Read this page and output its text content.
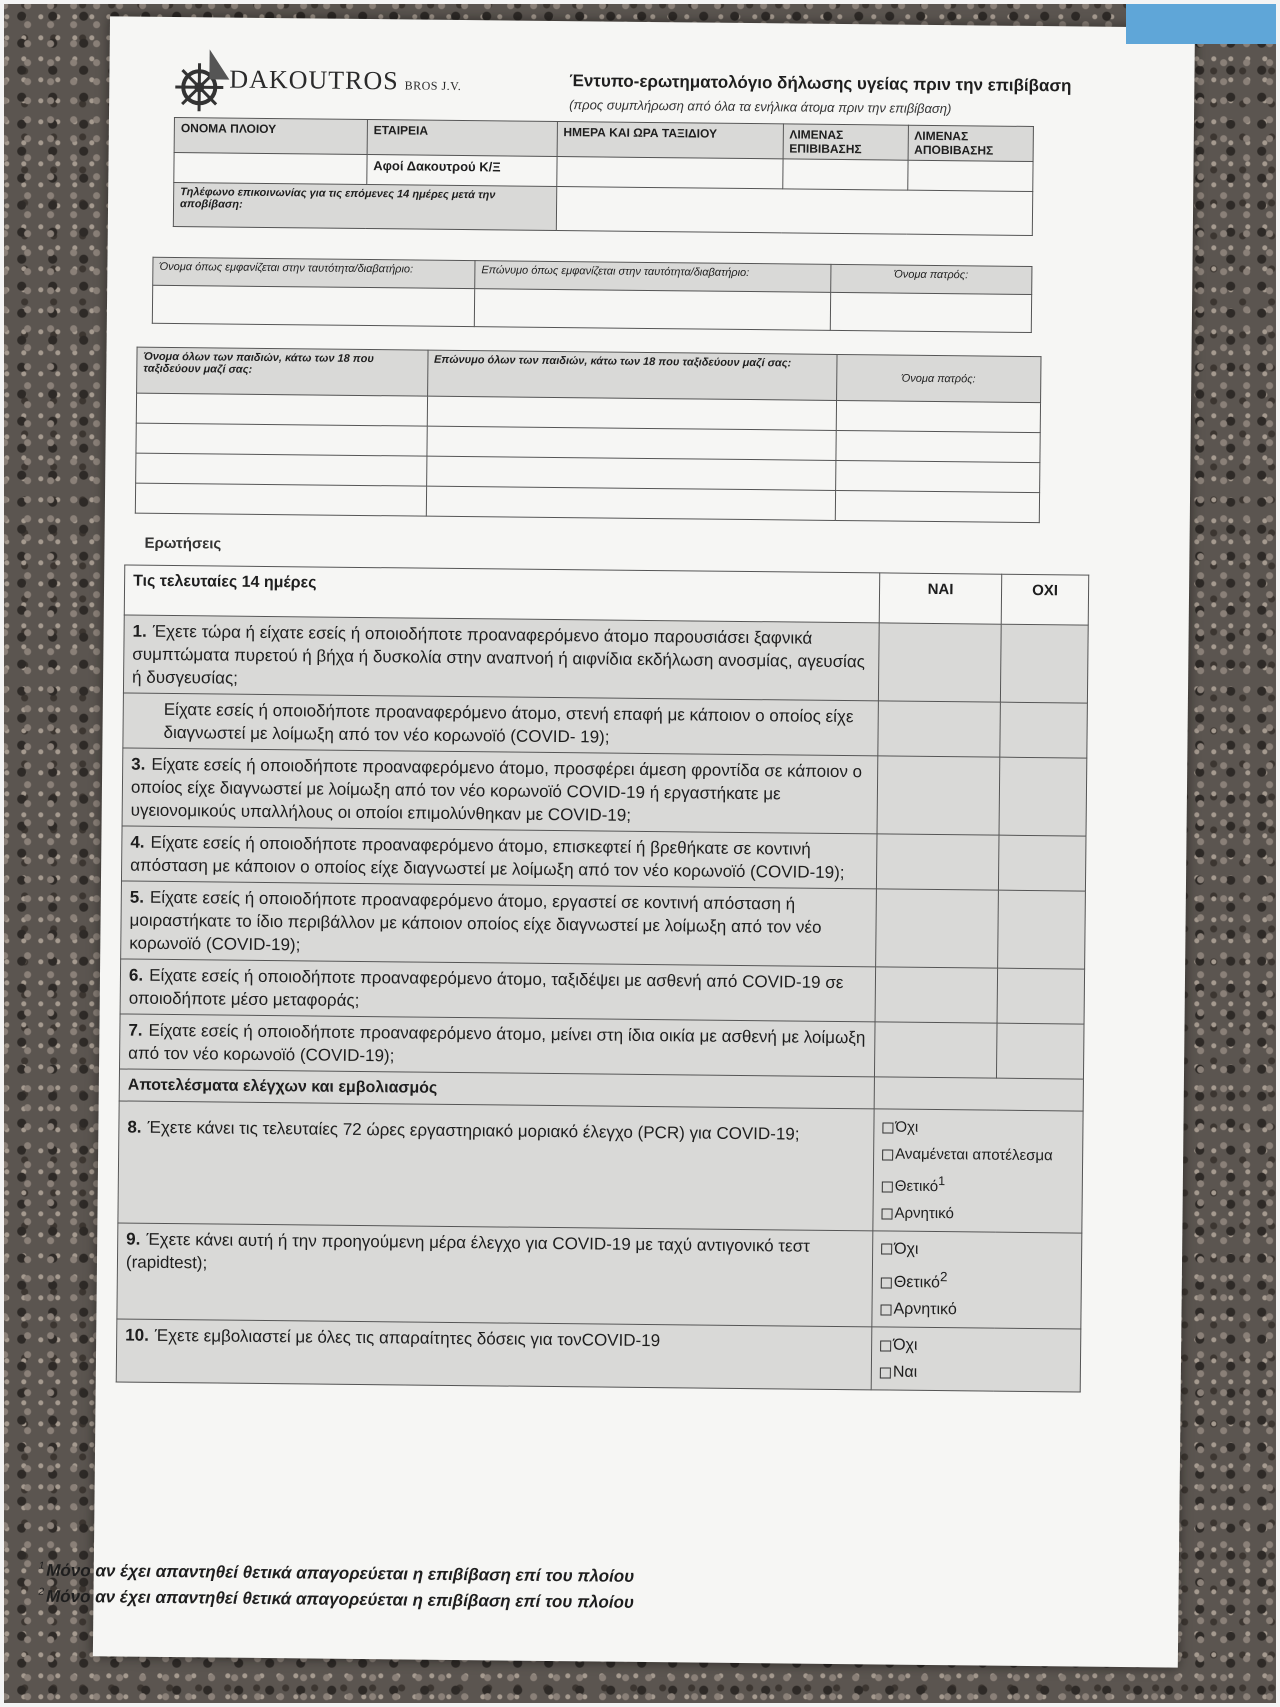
DAKOUTROS BROS J.V.	Έντυπο-ερωτηματολόγιο δήλωσης υγείας πριν την επιβίβαση
(προς συμπλήρωση από όλα τα ενήλικα άτομα πριν την επιβίβαση)
ΟΝΟΜΑ ΠΛΟΙΟΥ	ΕΤΑΙΡΕΙΑ	ΗΜΕΡΑ ΚΑΙ ΩΡΑ ΤΑΞΙΔΙΟΥ	ΛΙΜΕΝΑΣ ΕΠΙΒΙΒΑΣΗΣ	ΛΙΜΕΝΑΣ ΑΠΟΒΙΒΑΣΗΣ
	Αφοί Δακουτρού Κ/Ξ			
Τηλέφωνο επικοινωνίας για τις επόμενες 14 ημέρες μετά την αποβίβαση:				
Όνομα όπως εμφανίζεται στην ταυτότητα/διαβατήριο:	Επώνυμο όπως εμφανίζεται στην ταυτότητα/διαβατήριο:	Όνομα πατρός:

Όνομα όλων των παιδιών, κάτω των 18 που ταξιδεύουν μαζί σας:	Επώνυμο όλων των παιδιών, κάτω των 18 που ταξιδεύουν μαζί σας:	Όνομα πατρός:

Ερωτήσεις
Τις τελευταίες 14 ημέρες	ΝΑΙ	ΟΧΙ
1. Έχετε τώρα ή είχατε εσείς ή οποιοδήποτε προαναφερόμενο άτομο παρουσιάσει ξαφνικά συμπτώματα πυρετού ή βήχα ή δυσκολία στην αναπνοή ή αιφνίδια εκδήλωση ανοσμίας, αγευσίας ή δυσγευσίας;		
Είχατε εσείς ή οποιοδήποτε προαναφερόμενο άτομο, στενή επαφή με κάποιον ο οποίος είχε διαγνωστεί με λοίμωξη από τον νέο κορωνοϊό (COVID- 19);		
3. Είχατε εσείς ή οποιοδήποτε προαναφερόμενο άτομο, προσφέρει άμεση φροντίδα σε κάποιον ο οποίος είχε διαγνωστεί με λοίμωξη από τον νέο κορωνοϊό COVID-19 ή εργαστήκατε με υγειονομικούς υπαλλήλους οι οποίοι επιμολύνθηκαν με COVID-19;		
4. Είχατε εσείς ή οποιοδήποτε προαναφερόμενο άτομο, επισκεφτεί ή βρεθήκατε σε κοντινή απόσταση με κάποιον ο οποίος είχε διαγνωστεί με λοίμωξη από τον νέο κορωνοϊό (COVID-19);		
5. Είχατε εσείς ή οποιοδήποτε προαναφερόμενο άτομο, εργαστεί σε κοντινή απόσταση ή μοιραστήκατε το ίδιο περιβάλλον με κάποιον οποίος είχε διαγνωστεί με λοίμωξη από τον νέο κορωνοϊό (COVID-19);		
6. Είχατε εσείς ή οποιοδήποτε προαναφερόμενο άτομο, ταξιδέψει με ασθενή από COVID-19 σε οποιοδήποτε μέσο μεταφοράς;		
7. Είχατε εσείς ή οποιοδήποτε προαναφερόμενο άτομο, μείνει στη ίδια οικία με ασθενή με λοίμωξη από τον νέο κορωνοϊό (COVID-19);		
Αποτελέσματα ελέγχων και εμβολιασμός		
8. Έχετε κάνει τις τελευταίες 72 ώρες εργαστηριακό μοριακό έλεγχο (PCR) για COVID-19;	Όχι
Αναμένεται αποτέλεσμα
Θετικό$^1$
Αρνητικό	

9. Έχετε κάνει αυτή ή την προηγούμενη μέρα έλεγχο για COVID-19 με ταχύ αντιγονικό τεστ (rapidtest);	Όχι
Θετικό$^2$
Αρνητικό	

10. Έχετε εμβολιαστεί με όλες τις απαραίτητες δόσεις για τονCOVID-19	Όχι
Ναι	
$^1$ Μόνο αν έχει απαντηθεί θετικά απαγορεύεται η επιβίβαση επί του πλοίου
$^2$ Μόνο αν έχει απαντηθεί θετικά απαγορεύεται η επιβίβαση επί του πλοίου
